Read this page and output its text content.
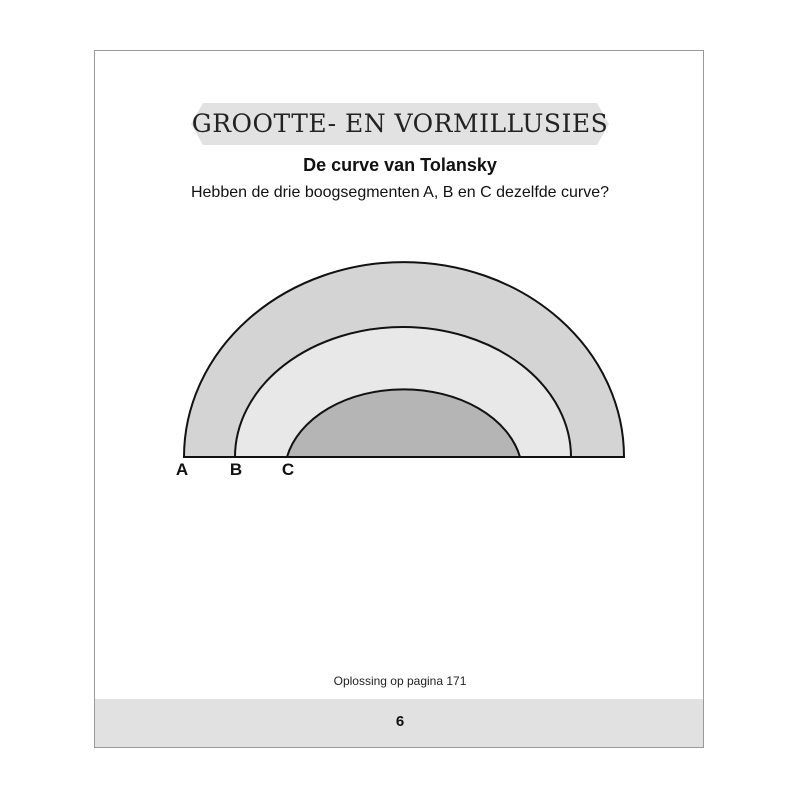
GROOTTE- EN VORMILLUSIES
De curve van Tolansky
Hebben de drie boogsegmenten A, B en C dezelfde curve?
A B C
Oplossing op pagina 171
6
